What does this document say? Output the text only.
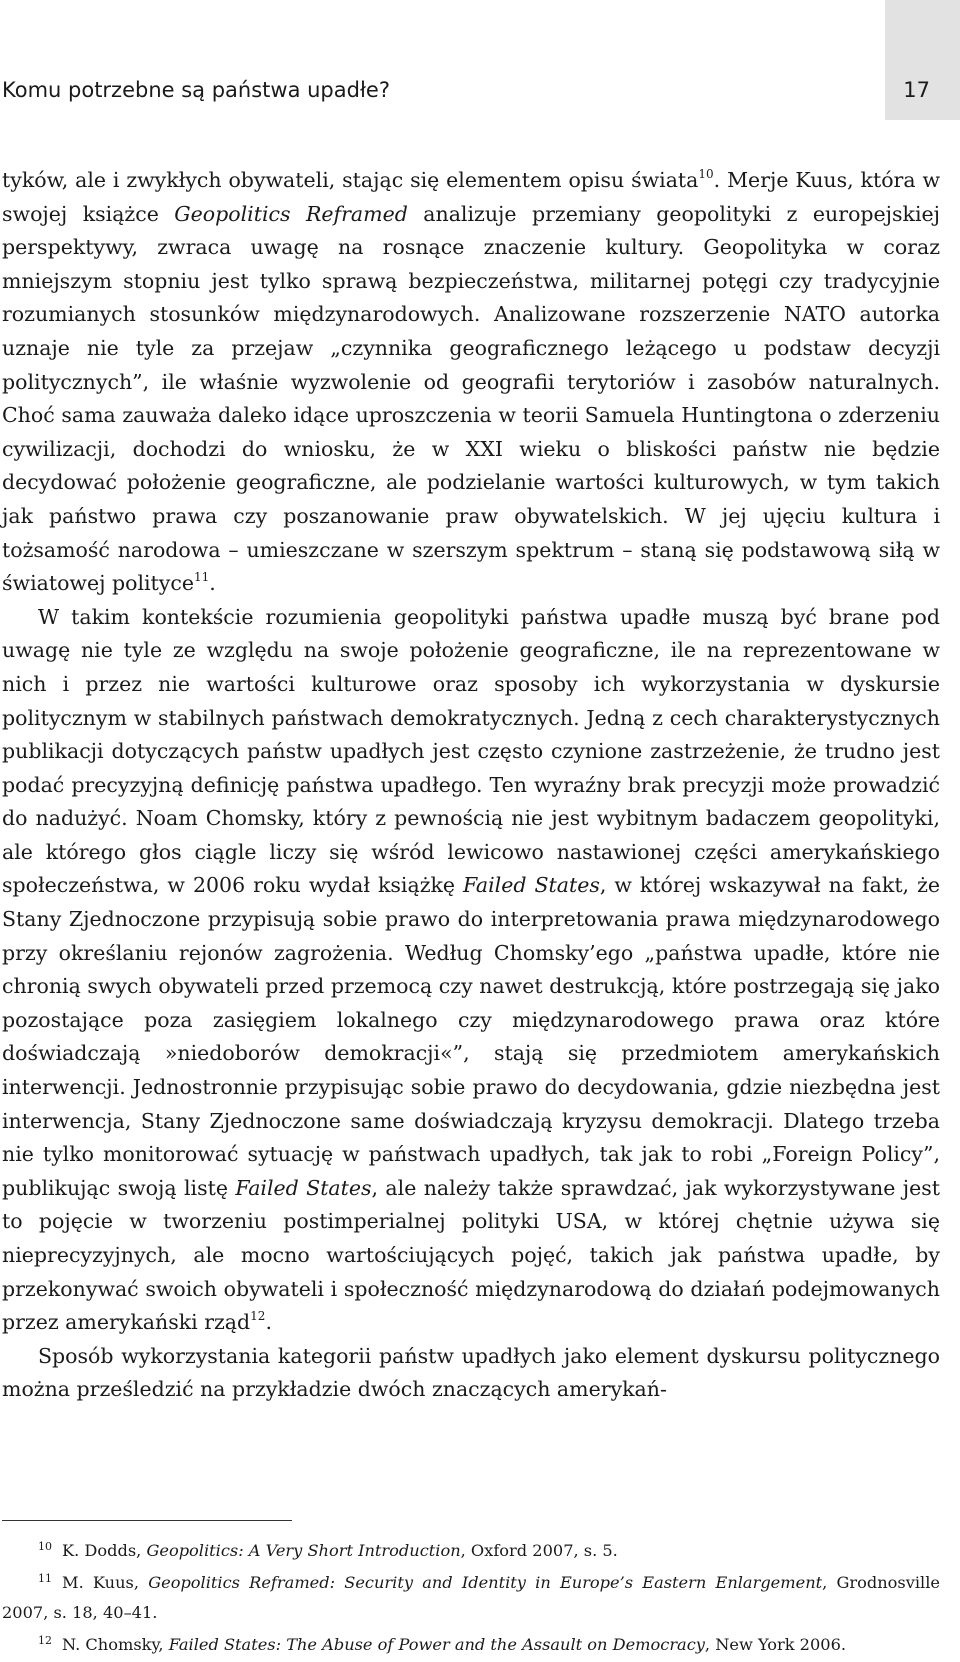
Komu potrzebne są państwa upadłe?	17

tyków, ale i zwykłych obywateli, stając się elementem opisu świata$^{10}$. Merje Kuus, która w swojej książce Geopolitics Reframed analizuje przemiany geopolityki z europejskiej perspektywy, zwraca uwagę na rosnące znaczenie kultury. Geopolityka w coraz mniejszym stopniu jest tylko sprawą bezpieczeństwa, militarnej potęgi czy tradycyjnie rozumianych stosunków międzynarodowych. Analizowane rozszerzenie NATO autorka uznaje nie tyle za przejaw „czynnika geograficznego leżącego u podstaw decyzji politycznych”, ile właśnie wyzwolenie od geografii terytoriów i zasobów naturalnych. Choć sama zauważa daleko idące uproszczenia w teorii Samuela Huntingtona o zderzeniu cywilizacji, dochodzi do wniosku, że w XXI wieku o bliskości państw nie będzie decydować położenie geograficzne, ale podzielanie wartości kulturowych, w tym takich jak państwo prawa czy poszanowanie praw obywatelskich. W jej ujęciu kultura i tożsamość narodowa – umieszczane w szerszym spektrum – staną się podstawową siłą w światowej polityce$^{11}$.

W takim kontekście rozumienia geopolityki państwa upadłe muszą być brane pod uwagę nie tyle ze względu na swoje położenie geograficzne, ile na reprezentowane w nich i przez nie wartości kulturowe oraz sposoby ich wykorzystania w dyskursie politycznym w stabilnych państwach demokratycznych. Jedną z cech charakterystycznych publikacji dotyczących państw upadłych jest często czynione zastrzeżenie, że trudno jest podać precyzyjną definicję państwa upadłego. Ten wyraźny brak precyzji może prowadzić do nadużyć. Noam Chomsky, który z pewnością nie jest wybitnym badaczem geopolityki, ale którego głos ciągle liczy się wśród lewicowo nastawionej części amerykańskiego społeczeństwa, w 2006 roku wydał książkę Failed States, w której wskazywał na fakt, że Stany Zjednoczone przypisują sobie prawo do interpretowania prawa międzynarodowego przy określaniu rejonów zagrożenia. Według Chomsky’ego „państwa upadłe, które nie chronią swych obywateli przed przemocą czy nawet destrukcją, które postrzegają się jako pozostające poza zasięgiem lokalnego czy międzynarodowego prawa oraz które doświadczają »niedoborów demokracji«”, stają się przedmiotem amerykańskich interwencji. Jednostronnie przypisując sobie prawo do decydowania, gdzie niezbędna jest interwencja, Stany Zjednoczone same doświadczają kryzysu demokracji. Dlatego trzeba nie tylko monitorować sytuację w państwach upadłych, tak jak to robi „Foreign Policy”, publikując swoją listę Failed States, ale należy także sprawdzać, jak wykorzystywane jest to pojęcie w tworzeniu postimperialnej polityki USA, w której chętnie używa się nieprecyzyjnych, ale mocno wartościujących pojęć, takich jak państwa upadłe, by przekonywać swoich obywateli i społeczność międzynarodową do działań podejmowanych przez amerykański rząd$^{12}$.

Sposób wykorzystania kategorii państw upadłych jako element dyskursu politycznego można prześledzić na przykładzie dwóch znaczących amerykań-

$^{10}$ K. Dodds, Geopolitics: A Very Short Introduction, Oxford 2007, s. 5.

$^{11}$ M. Kuus, Geopolitics Reframed: Security and Identity in Europe’s Eastern Enlargement, Grodnosville 2007, s. 18, 40–41.

$^{12}$ N. Chomsky, Failed States: The Abuse of Power and the Assault on Democracy, New York 2006.
